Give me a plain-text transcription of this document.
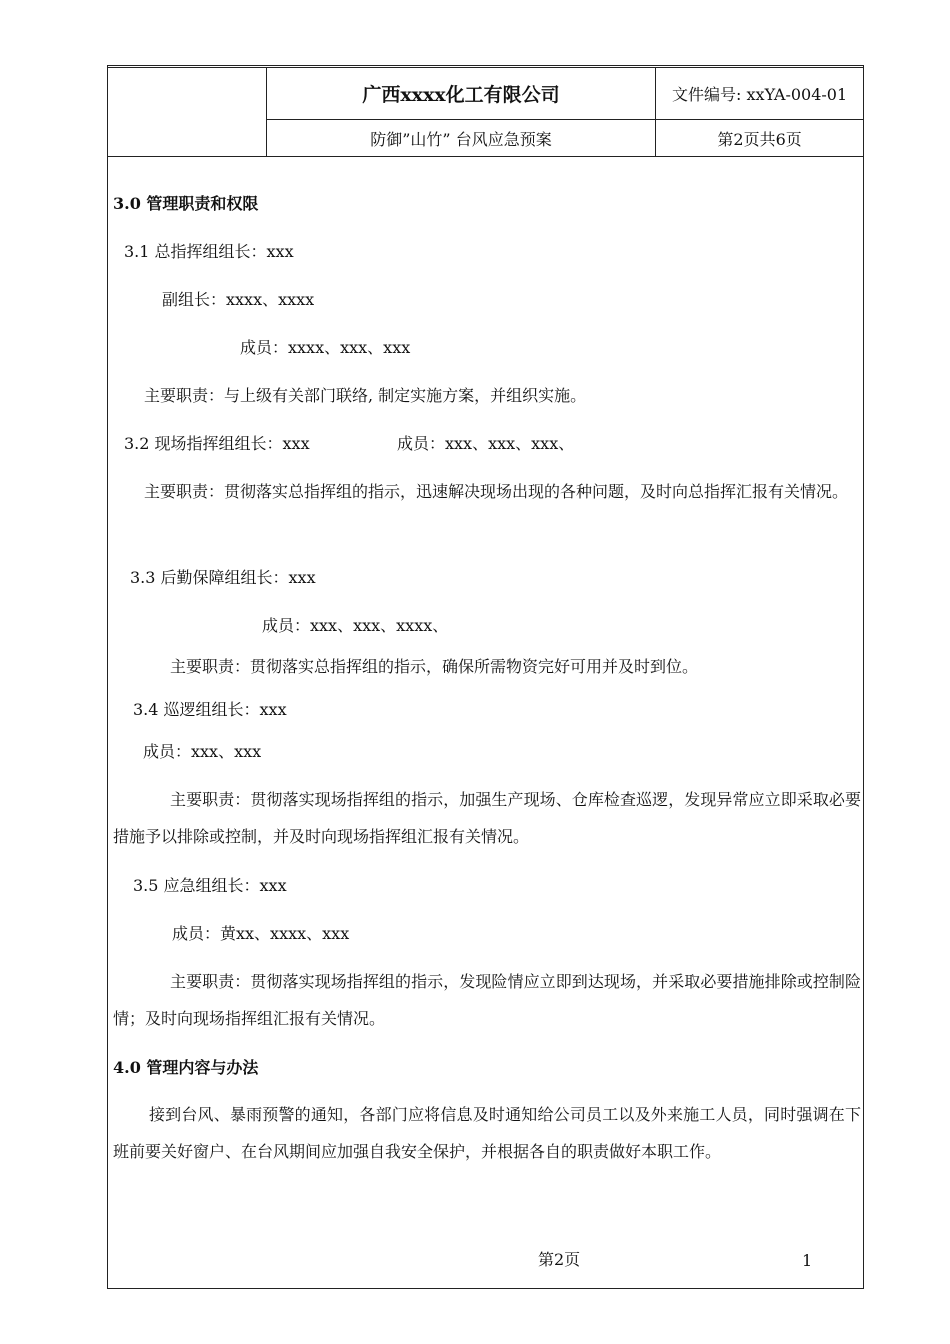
	广西xxxx化工有限公司	文件编号: xxYA-004-01
	防御”山竹” 台风应急预案	第2页共6页
3.0 管理职责和权限
3.1 总指挥组组长：xxx
副组长：xxxx、xxxx
成员：xxxx、xxx、xxx
主要职责：与上级有关部门联络, 制定实施方案，并组织实施。
3.2 现场指挥组组长：xxx	成员：xxx、xxx、xxx、
主要职责：贯彻落实总指挥组的指示，迅速解决现场出现的各种问题，及时向总指挥汇报有关情况。
3.3 后勤保障组组长：xxx
成员：xxx、xxx、xxxx、
主要职责：贯彻落实总指挥组的指示，确保所需物资完好可用并及时到位。
3.4 巡逻组组长：xxx
成员：xxx、xxx
主要职责：贯彻落实现场指挥组的指示，加强生产现场、仓库检查巡逻，发现异常应立即采取必要措施予以排除或控制，并及时向现场指挥组汇报有关情况。
3.5 应急组组长：xxx
成员：黄xx、xxxx、xxx
主要职责：贯彻落实现场指挥组的指示，发现险情应立即到达现场，并采取必要措施排除或控制险情；及时向现场指挥组汇报有关情况。
4.0 管理内容与办法
接到台风、暴雨预警的通知，各部门应将信息及时通知给公司员工以及外来施工人员，同时强调在下班前要关好窗户、在台风期间应加强自我安全保护，并根据各自的职责做好本职工作。
第2页	1
